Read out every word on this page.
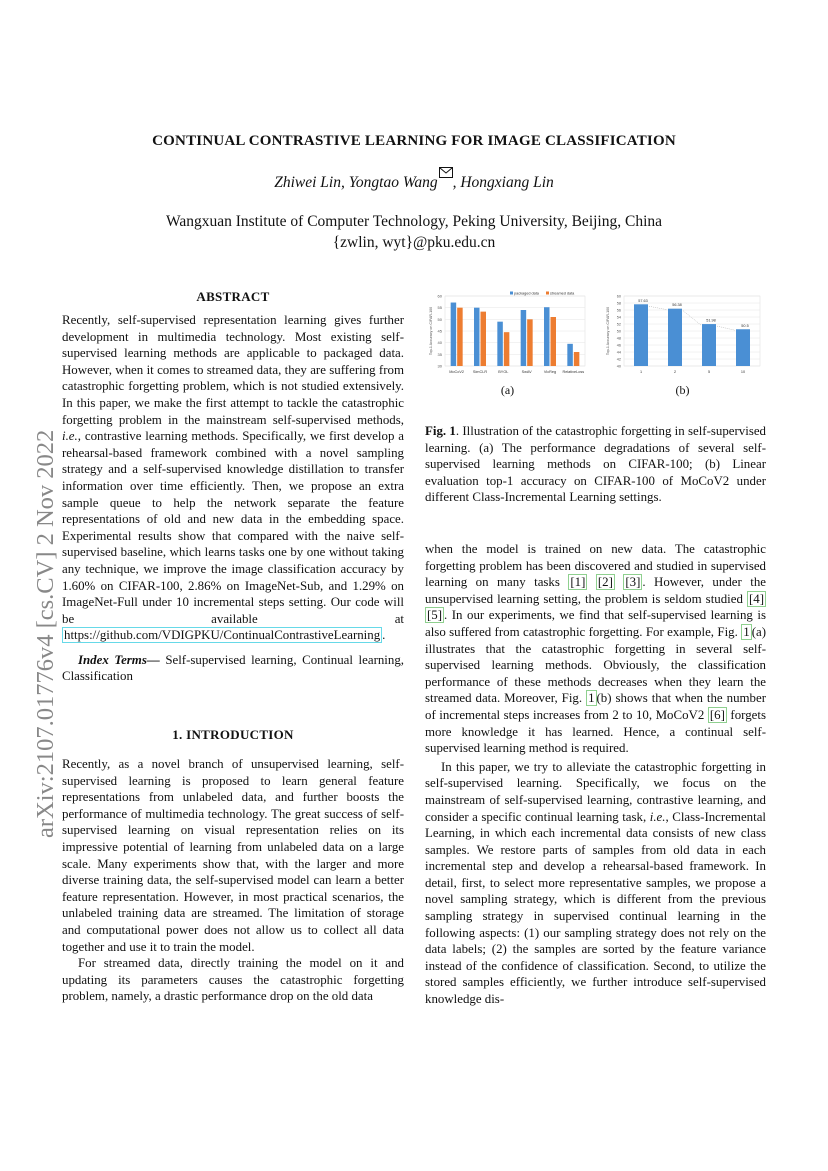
arXiv:2107.01776v4 [cs.CV] 2 Nov 2022
CONTINUAL CONTRASTIVE LEARNING FOR IMAGE CLASSIFICATION
Zhiwei Lin, Yongtao Wang , Hongxiang Lin
Wangxuan Institute of Computer Technology, Peking University, Beijing, China
{zwlin, wyt}@pku.edu.cn
ABSTRACT

Recently, self-supervised representation learning gives further development in multimedia technology. Most existing self-supervised learning methods are applicable to packaged data. However, when it comes to streamed data, they are suffering from catastrophic forgetting problem, which is not studied extensively. In this paper, we make the first attempt to tackle the catastrophic forgetting problem in the mainstream self-supervised methods, i.e., contrastive learning methods. Specifically, we first develop a rehearsal-based framework combined with a novel sampling strategy and a self-supervised knowledge distillation to transfer information over time efficiently. Then, we propose an extra sample queue to help the network separate the feature representations of old and new data in the embedding space. Experimental results show that compared with the naive self-supervised baseline, which learns tasks one by one without taking any technique, we improve the image classification accuracy by 1.60% on CIFAR-100, 2.86% on ImageNet-Sub, and 1.29% on ImageNet-Full under 10 incremental steps setting. Our code will be available at https://github.com/VDIGPKU/ContinualContrastiveLearning .

Index Terms— Self-supervised learning, Continual learning, Classification

1. INTRODUCTION

Recently, as a novel branch of unsupervised learning, self-supervised learning is proposed to learn general feature representations from unlabeled data, and further boosts the performance of multimedia technology. The great success of self-supervised learning on visual representation relies on its impressive potential of learning from unlabeled data on a large scale. Many experiments show that, with the larger and more diverse training data, the self-supervised model can learn a better feature representation. However, in most practical scenarios, the unlabeled training data are streamed. The limitation of storage and computational power does not allow us to collect all data together and use it to train the model.

For streamed data, directly training the model on it and updating its parameters causes the catastrophic forgetting problem, namely, a drastic performance drop on the old data

30
35
40
45
50
55
60
Top-1 Accuracy on CIFAR-100
MoCoV2 SimCLR	BYOL	SwAV	VicReg RelativeLoss
packaged data	streamed data
40
42
44
46
48
50
52
54
56
58
60
Top-1 Accuracy on CIFAR-100
57.63
1
56.38
2
51.98
5
50.5
10
(a)	(b)
Fig. 1. Illustration of the catastrophic forgetting in self-supervised learning. (a) The performance degradations of several self-supervised learning methods on CIFAR-100; (b) Linear evaluation top-1 accuracy on CIFAR-100 of MoCoV2 under different Class-Incremental Learning settings.

when the model is trained on new data. The catastrophic forgetting problem has been discovered and studied in supervised learning on many tasks [1] [2] [3] . However, under the unsupervised learning setting, the problem is seldom studied [4] [5] . In our experiments, we find that self-supervised learning is also suffered from catastrophic forgetting. For example, Fig. 1 (a) illustrates that the catastrophic forgetting in several self-supervised learning methods. Obviously, the classification performance of these methods decreases when they learn the streamed data. Moreover, Fig. 1 (b) shows that when the number of incremental steps increases from 2 to 10, MoCoV2 [6] forgets more knowledge it has learned. Hence, a continual self-supervised learning method is required.

In this paper, we try to alleviate the catastrophic forgetting in self-supervised learning. Specifically, we focus on the mainstream of self-supervised learning, contrastive learning, and consider a specific continual learning task, i.e., Class-Incremental Learning, in which each incremental data consists of new class samples. We restore parts of samples from old data in each incremental step and develop a rehearsal-based framework. In detail, first, to select more representative samples, we propose a novel sampling strategy, which is different from the previous sampling strategy in supervised continual learning in the following aspects: (1) our sampling strategy does not rely on the data labels; (2) the samples are sorted by the feature variance instead of the confidence of classification. Second, to utilize the stored samples efficiently, we further introduce self-supervised knowledge dis-
